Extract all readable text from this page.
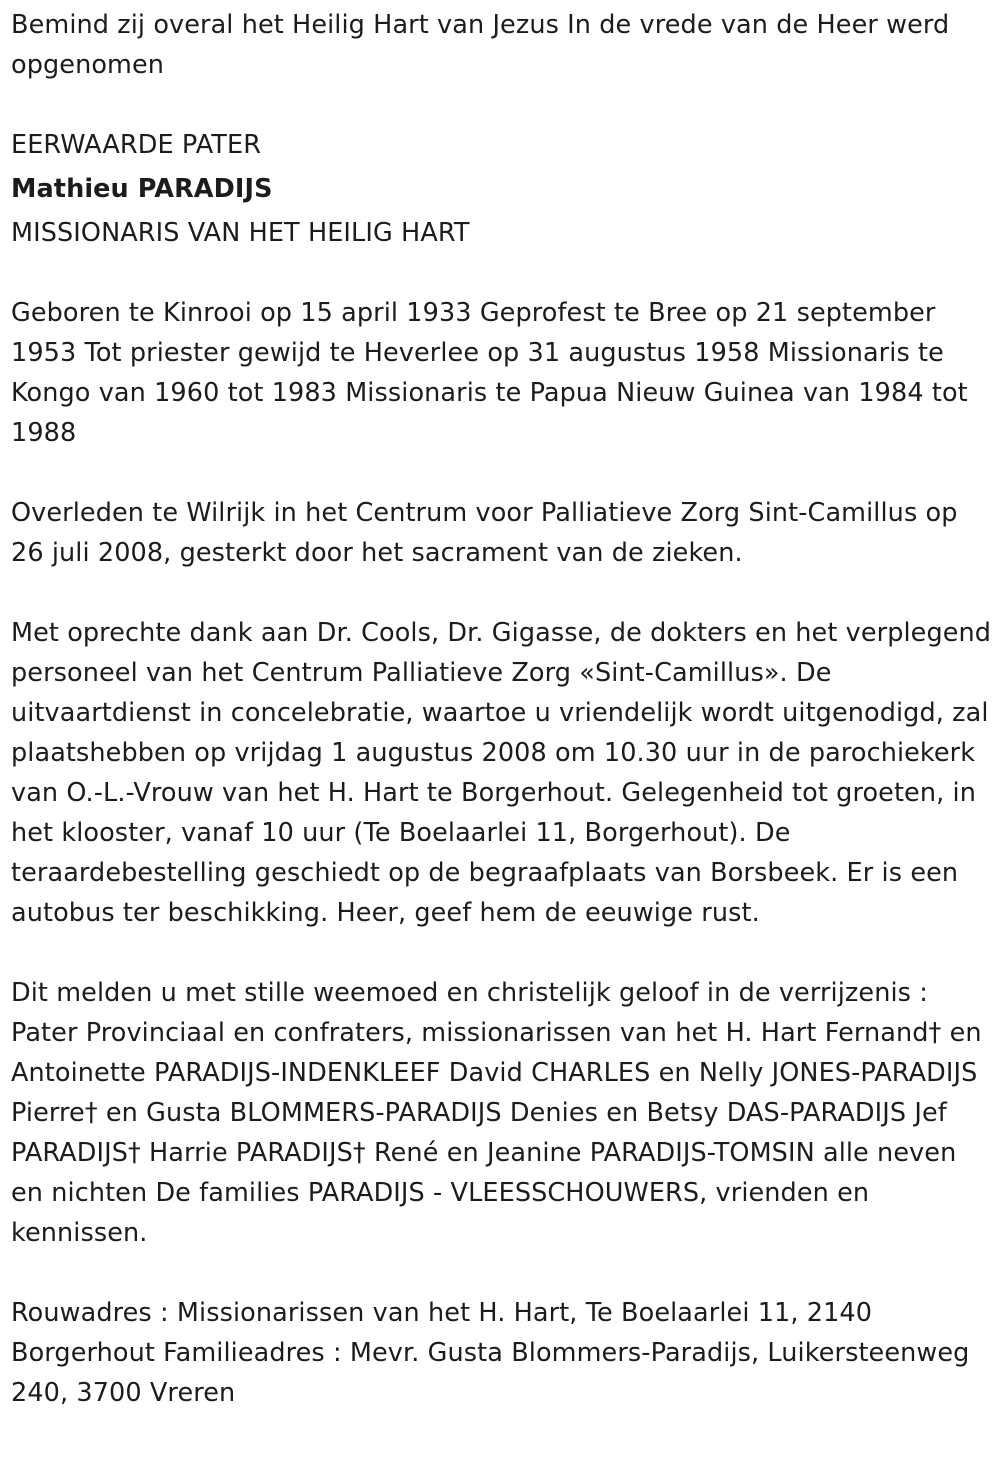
Bemind zij overal het Heilig Hart van Jezus In de vrede van de Heer werd opgenomen

EERWAARDE PATER

Mathieu PARADIJS

MISSIONARIS VAN HET HEILIG HART

Geboren te Kinrooi op 15 april 1933 Geprofest te Bree op 21 september 1953 Tot priester gewijd te Heverlee op 31 augustus 1958 Missionaris te Kongo van 1960 tot 1983 Missionaris te Papua Nieuw Guinea van 1984 tot 1988

Overleden te Wilrijk in het Centrum voor Palliatieve Zorg Sint-Camillus op 26 juli 2008, gesterkt door het sacrament van de zieken.

Met oprechte dank aan Dr. Cools, Dr. Gigasse, de dokters en het verplegend personeel van het Centrum Palliatieve Zorg «Sint-Camillus». De uitvaartdienst in concelebratie, waartoe u vriendelijk wordt uitgenodigd, zal plaatshebben op vrijdag 1 augustus 2008 om 10.30 uur in de parochiekerk van O.-L.-Vrouw van het H. Hart te Borgerhout. Gelegenheid tot groeten, in het klooster, vanaf 10 uur (Te Boelaarlei 11, Borgerhout). De teraardebestelling geschiedt op de begraafplaats van Borsbeek. Er is een autobus ter beschikking. Heer, geef hem de eeuwige rust.

Dit melden u met stille weemoed en christelijk geloof in de verrijzenis : Pater Provinciaal en confraters, missionarissen van het H. Hart Fernand† en Antoinette PARADIJS-INDENKLEEF David CHARLES en Nelly JONES-PARADIJS Pierre† en Gusta BLOMMERS-PARADIJS Denies en Betsy DAS-PARADIJS Jef PARADIJS† Harrie PARADIJS† René en Jeanine PARADIJS-TOMSIN alle neven en nichten De families PARADIJS - VLEESSCHOUWERS, vrienden en kennissen.

Rouwadres : Missionarissen van het H. Hart, Te Boelaarlei 11, 2140 Borgerhout Familieadres : Mevr. Gusta Blommers-Paradijs, Luikersteenweg 240, 3700 Vreren
